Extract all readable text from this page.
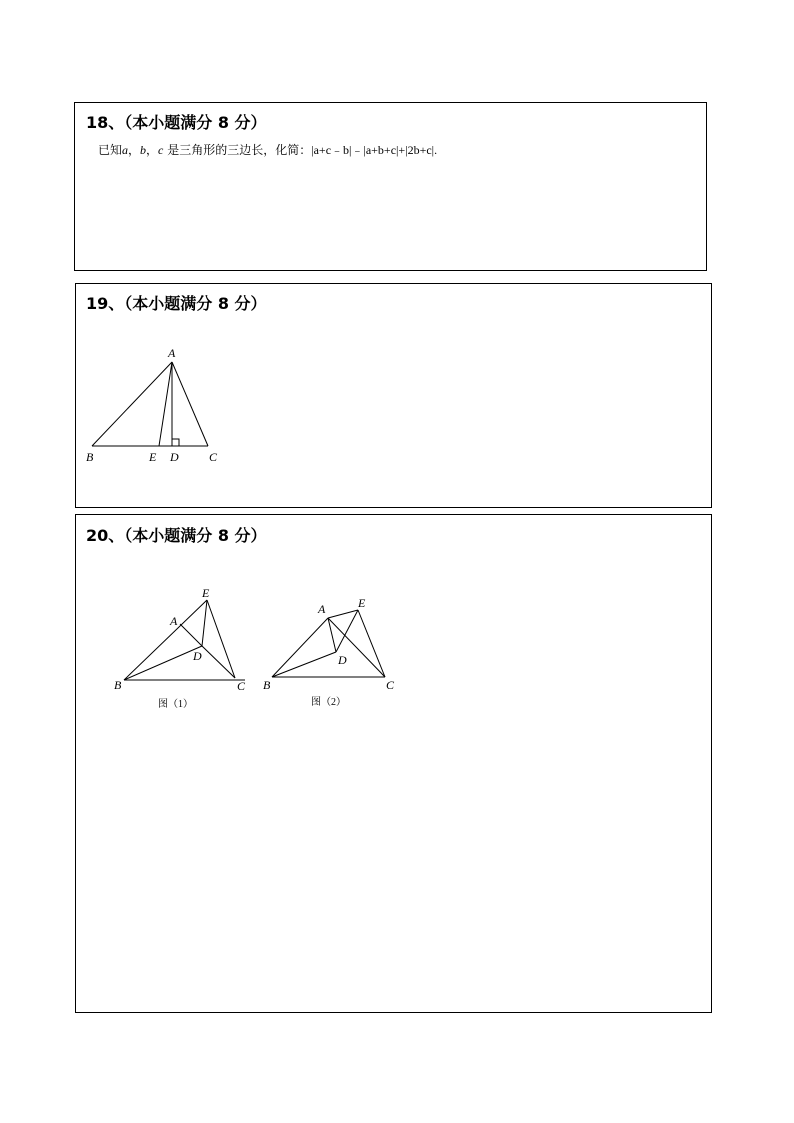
18、（本小题满分 8 分）
已知a，b，c 是三角形的三边长，化简：|a+c﹣b|﹣|a+b+c|+|2b+c|.
19、（本小题满分 8 分）
A
B	E D	C
20、（本小题满分 8 分）
E
A
D
B	C
图（1）
A	E
D
B	C
图（2）
